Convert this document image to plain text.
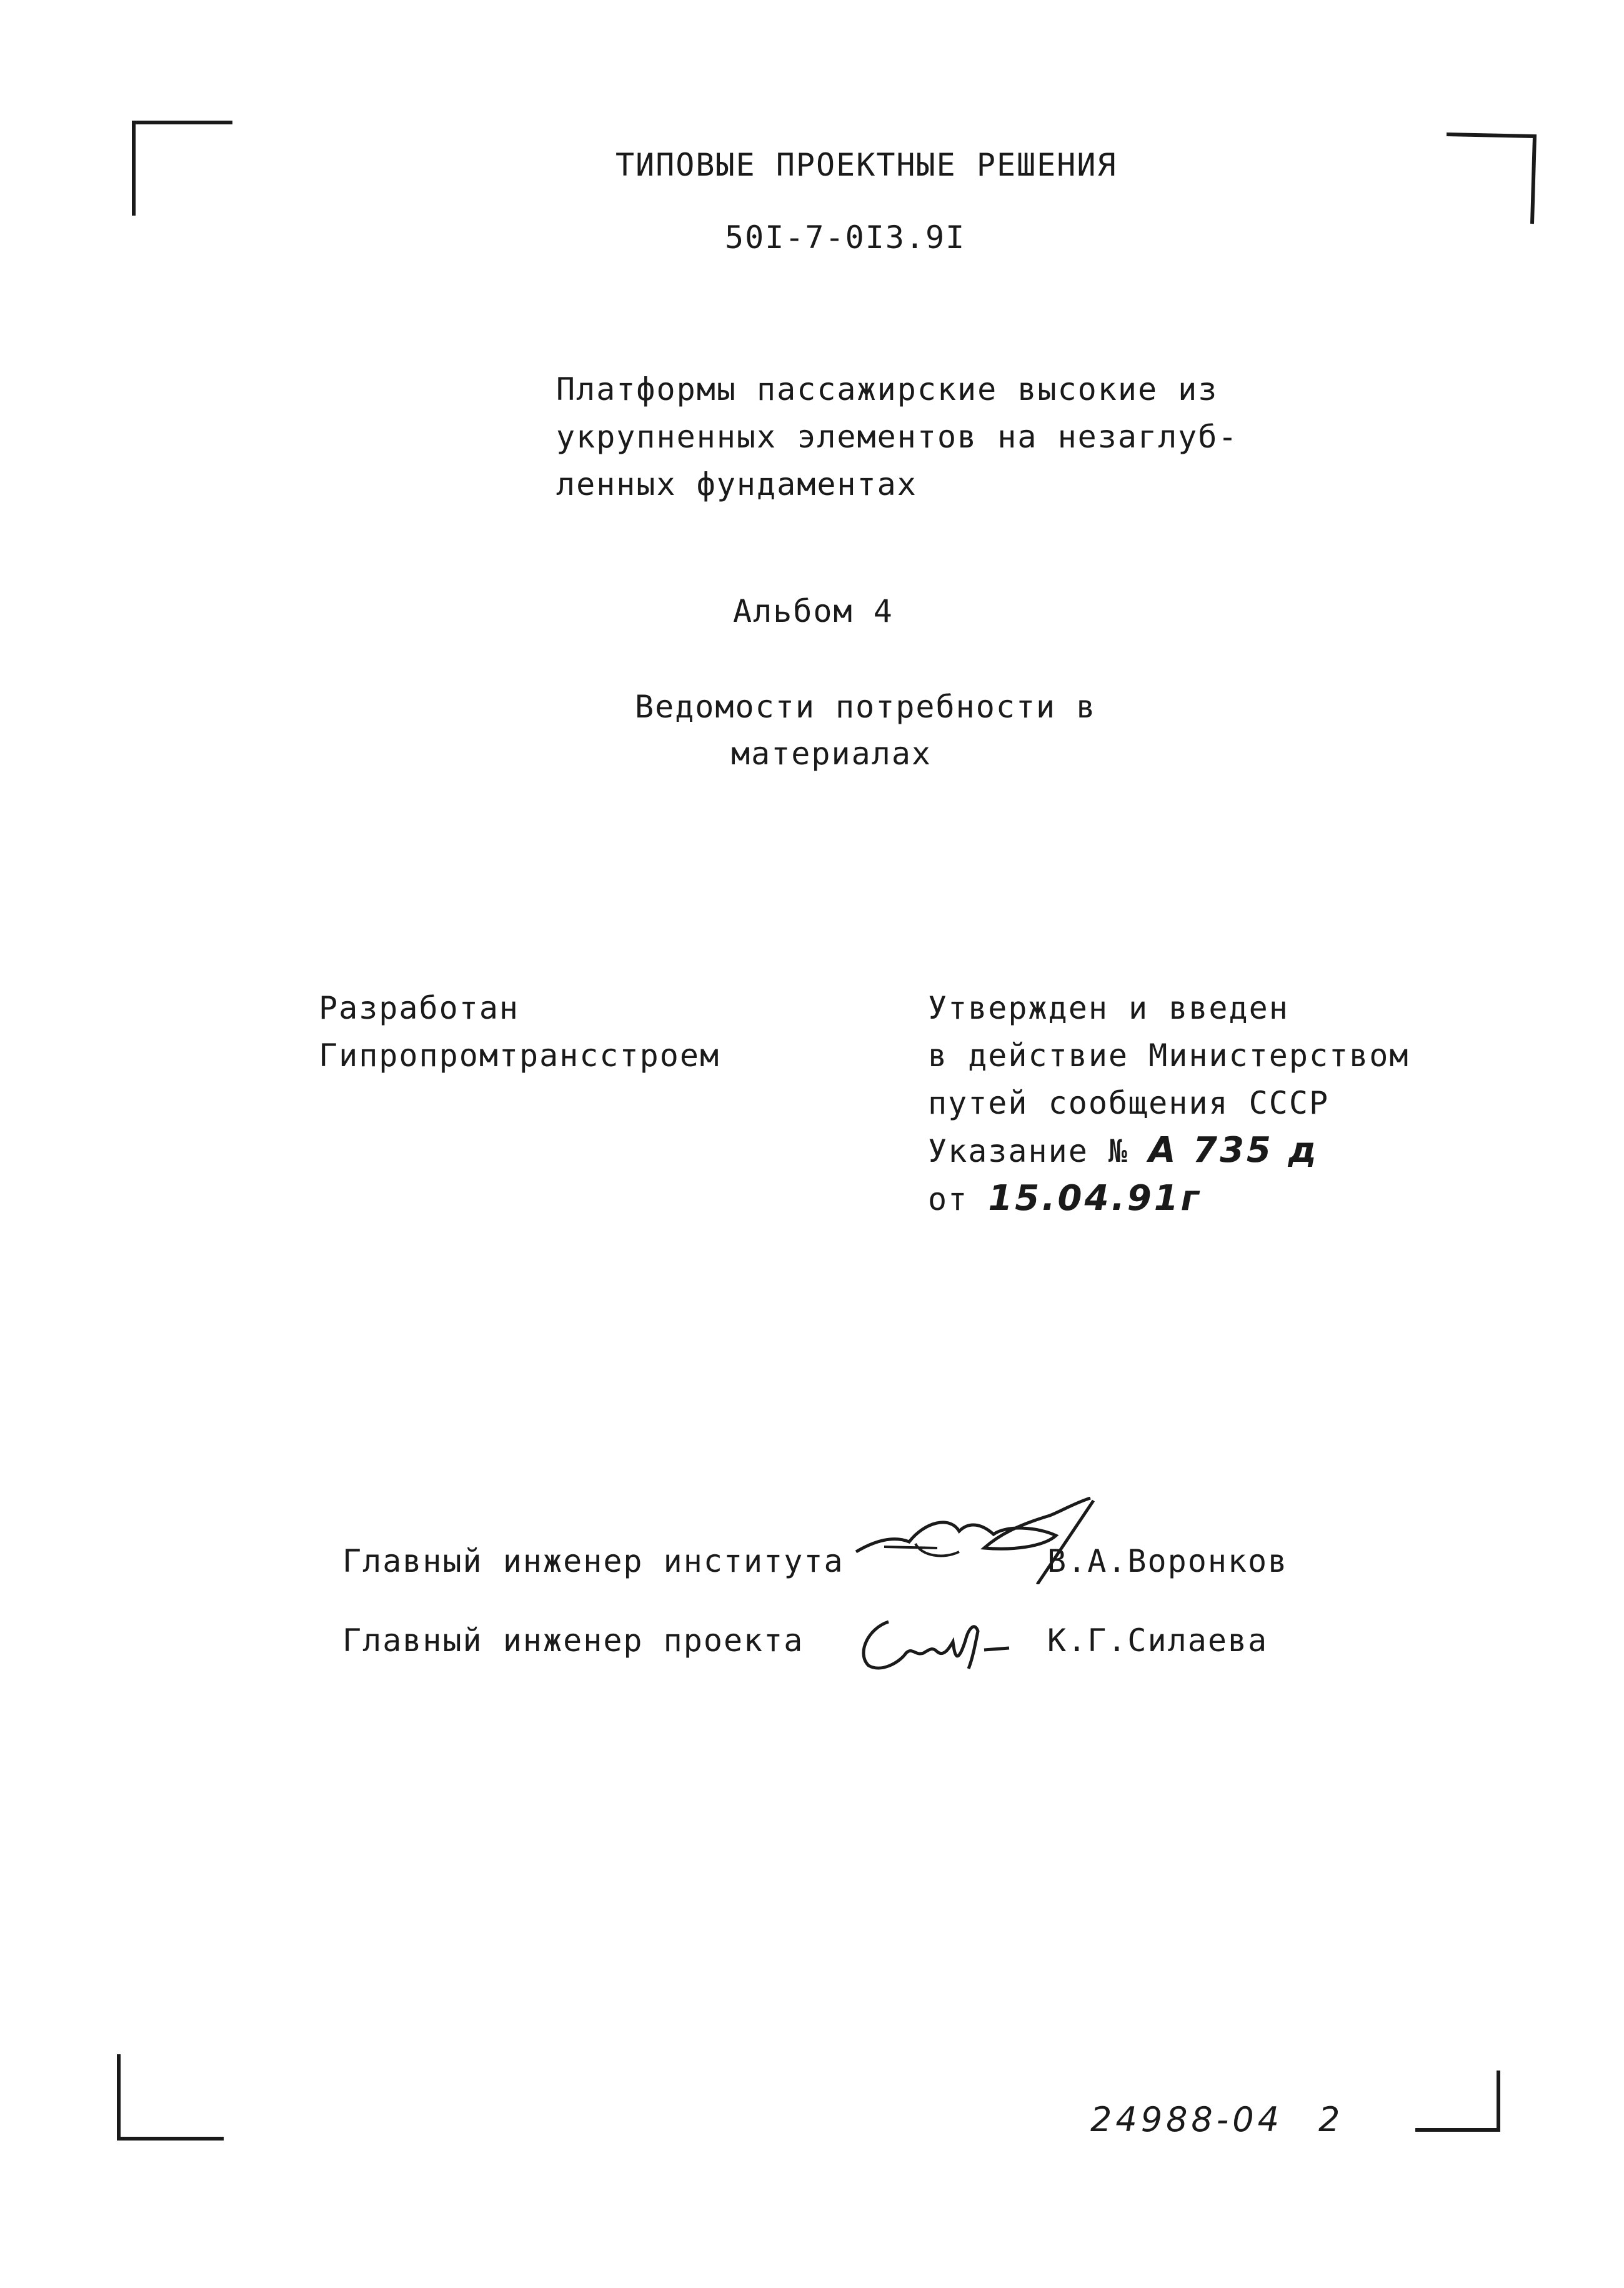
ТИПОВЫЕ ПРОЕКТНЫЕ РЕШЕНИЯ
50I-7-0I3.9I
Платформы пассажирские высокие из
укрупненных элементов на незаглуб-
ленных фундаментах
Альбом 4
Ведомости потребности в
материалах
Разработан
Гипропромтрансстроем
Утвержден и введен
в действие Министерством
путей сообщения СССР
Указание № А 735 д
от 15.04.91г
Главный инженер института	В.А.Воронков
Главный инженер проекта	К.Г.Силаева
24988-04 2
